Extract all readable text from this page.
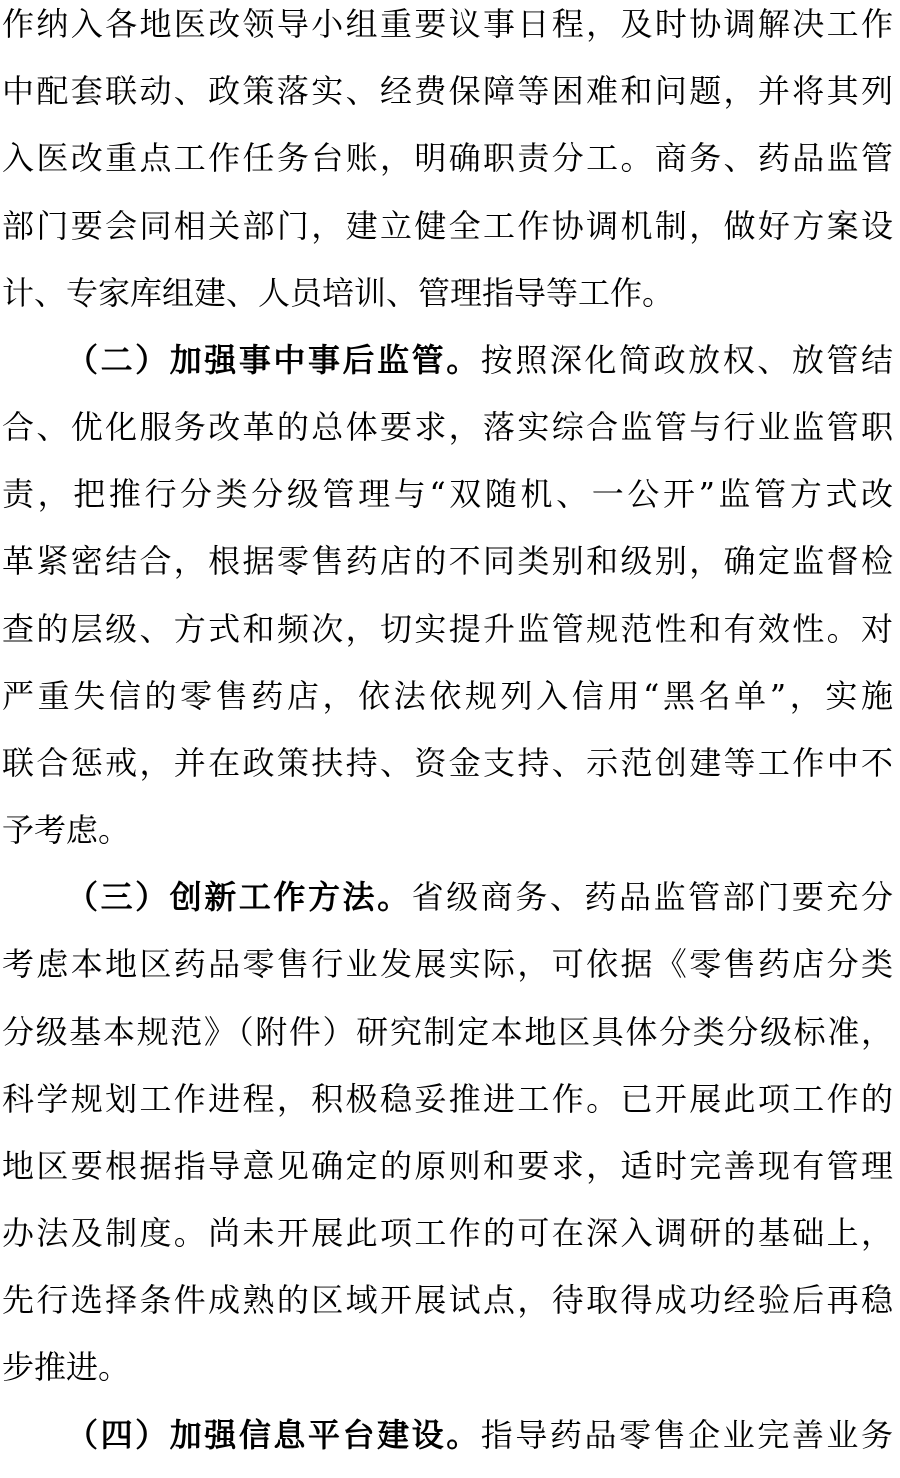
作纳入各地医改领导小组重要议事日程，及时协调解决工作
中配套联动、政策落实、经费保障等困难和问题，并将其列
入医改重点工作任务台账，明确职责分工。商务、药品监管
部门要会同相关部门，建立健全工作协调机制，做好方案设
计、专家库组建、人员培训、管理指导等工作。
（二）加强事中事后监管。按照深化简政放权、放管结
合、优化服务改革的总体要求，落实综合监管与行业监管职
责，把推行分类分级管理与“双随机、一公开”监管方式改
革紧密结合，根据零售药店的不同类别和级别，确定监督检
查的层级、方式和频次，切实提升监管规范性和有效性。对
严重失信的零售药店，依法依规列入信用“黑名单”，实施
联合惩戒，并在政策扶持、资金支持、示范创建等工作中不
予考虑。
（三）创新工作方法。省级商务、药品监管部门要充分
考虑本地区药品零售行业发展实际，可依据《零售药店分类
分级基本规范》（附件）研究制定本地区具体分类分级标准，
科学规划工作进程，积极稳妥推进工作。已开展此项工作的
地区要根据指导意见确定的原则和要求，适时完善现有管理
办法及制度。尚未开展此项工作的可在深入调研的基础上，
先行选择条件成熟的区域开展试点，待取得成功经验后再稳
步推进。
（四）加强信息平台建设。指导药品零售企业完善业务
